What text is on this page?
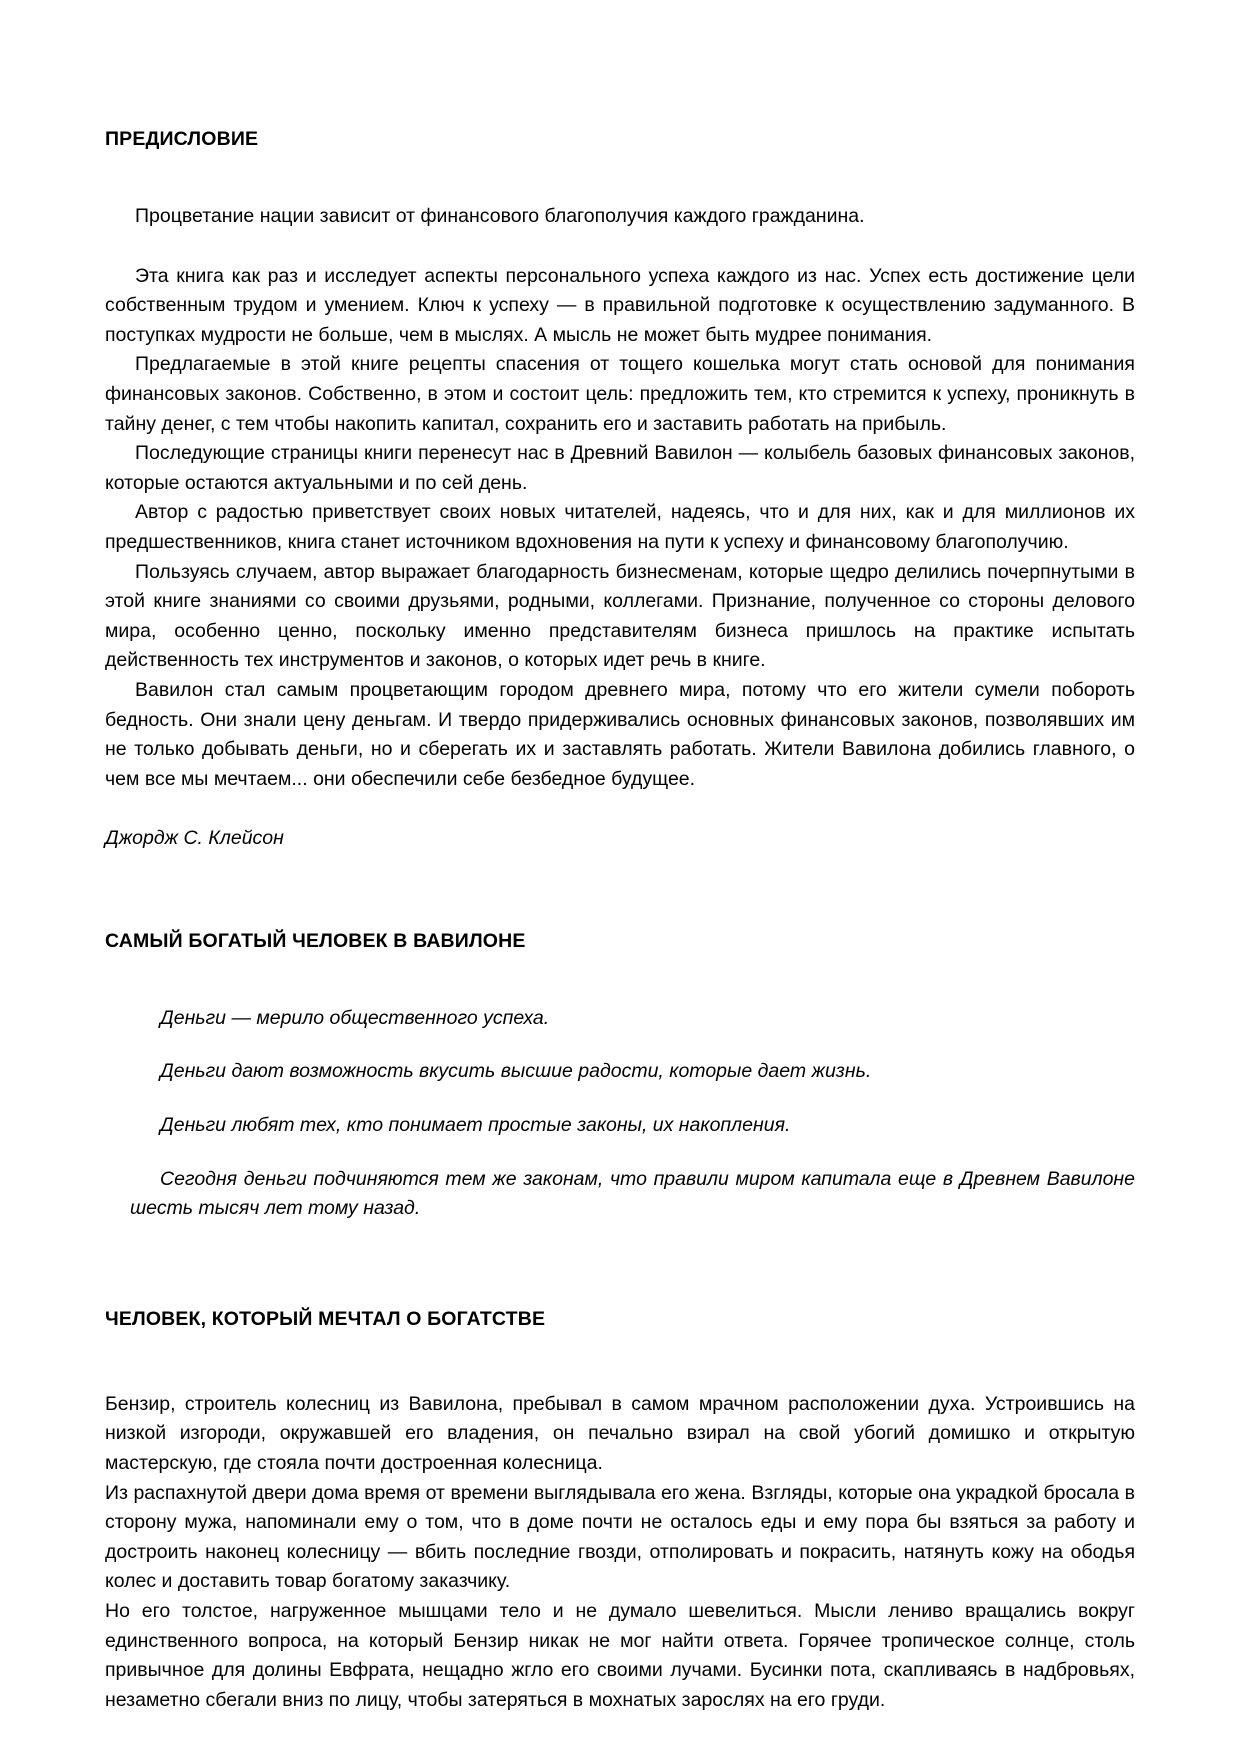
ПРЕДИСЛОВИЕ

Процветание нации зависит от финансового благополучия каждого гражданина.

Эта книга как раз и исследует аспекты персонального успеха каждого из нас. Успех есть достижение цели собственным трудом и умением. Ключ к успеху — в правильной подготовке к осуществлению задуманного. В поступках мудрости не больше, чем в мыслях. А мысль не может быть мудрее понимания.

Предлагаемые в этой книге рецепты спасения от тощего кошелька могут стать основой для понимания финансовых законов. Собственно, в этом и состоит цель: предложить тем, кто стремится к успеху, проникнуть в тайну денег, с тем чтобы накопить капитал, сохранить его и заставить работать на прибыль.

Последующие страницы книги перенесут нас в Древний Вавилон — колыбель базовых финансовых законов, которые остаются актуальными и по сей день.

Автор с радостью приветствует своих новых читателей, надеясь, что и для них, как и для миллионов их предшественников, книга станет источником вдохновения на пути к успеху и финансовому благополучию.

Пользуясь случаем, автор выражает благодарность бизнесменам, которые щедро делились почерпнутыми в этой книге знаниями со своими друзьями, родными, коллегами. Признание, полученное со стороны делового мира, особенно ценно, поскольку именно представителям бизнеса пришлось на практике испытать действенность тех инструментов и законов, о которых идет речь в книге.

Вавилон стал самым процветающим городом древнего мира, потому что его жители сумели побороть бедность. Они знали цену деньгам. И твердо придерживались основных финансовых законов, позволявших им не только добывать деньги, но и сберегать их и заставлять работать. Жители Вавилона добились главного, о чем все мы мечтаем... они обеспечили себе безбедное будущее.

Джордж С. Клейсон

САМЫЙ БОГАТЫЙ ЧЕЛОВЕК В ВАВИЛОНЕ

Деньги — мерило общественного успеха.

Деньги дают возможность вкусить высшие радости, которые дает жизнь.

Деньги любят тех, кто понимает простые законы, их накопления.

Сегодня деньги подчиняются тем же законам, что правили миром капитала еще в Древнем Вавилоне шесть тысяч лет тому назад.

ЧЕЛОВЕК, КОТОРЫЙ МЕЧТАЛ О БОГАТСТВЕ

Бензир, строитель колесниц из Вавилона, пребывал в самом мрачном расположении духа. Устроившись на низкой изгороди, окружавшей его владения, он печально взирал на свой убогий домишко и открытую мастерскую, где стояла почти достроенная колесница.

Из распахнутой двери дома время от времени выглядывала его жена. Взгляды, которые она украдкой бросала в сторону мужа, напоминали ему о том, что в доме почти не осталось еды и ему пора бы взяться за работу и достроить наконец колесницу — вбить последние гвозди, отполировать и покрасить, натянуть кожу на ободья колес и доставить товар богатому заказчику.

Но его толстое, нагруженное мышцами тело и не думало шевелиться. Мысли лениво вращались вокруг единственного вопроса, на который Бензир никак не мог найти ответа. Горячее тропическое солнце, столь привычное для долины Евфрата, нещадно жгло его своими лучами. Бусинки пота, скапливаясь в надбровьях, незаметно сбегали вниз по лицу, чтобы затеряться в мохнатых зарослях на его груди.
